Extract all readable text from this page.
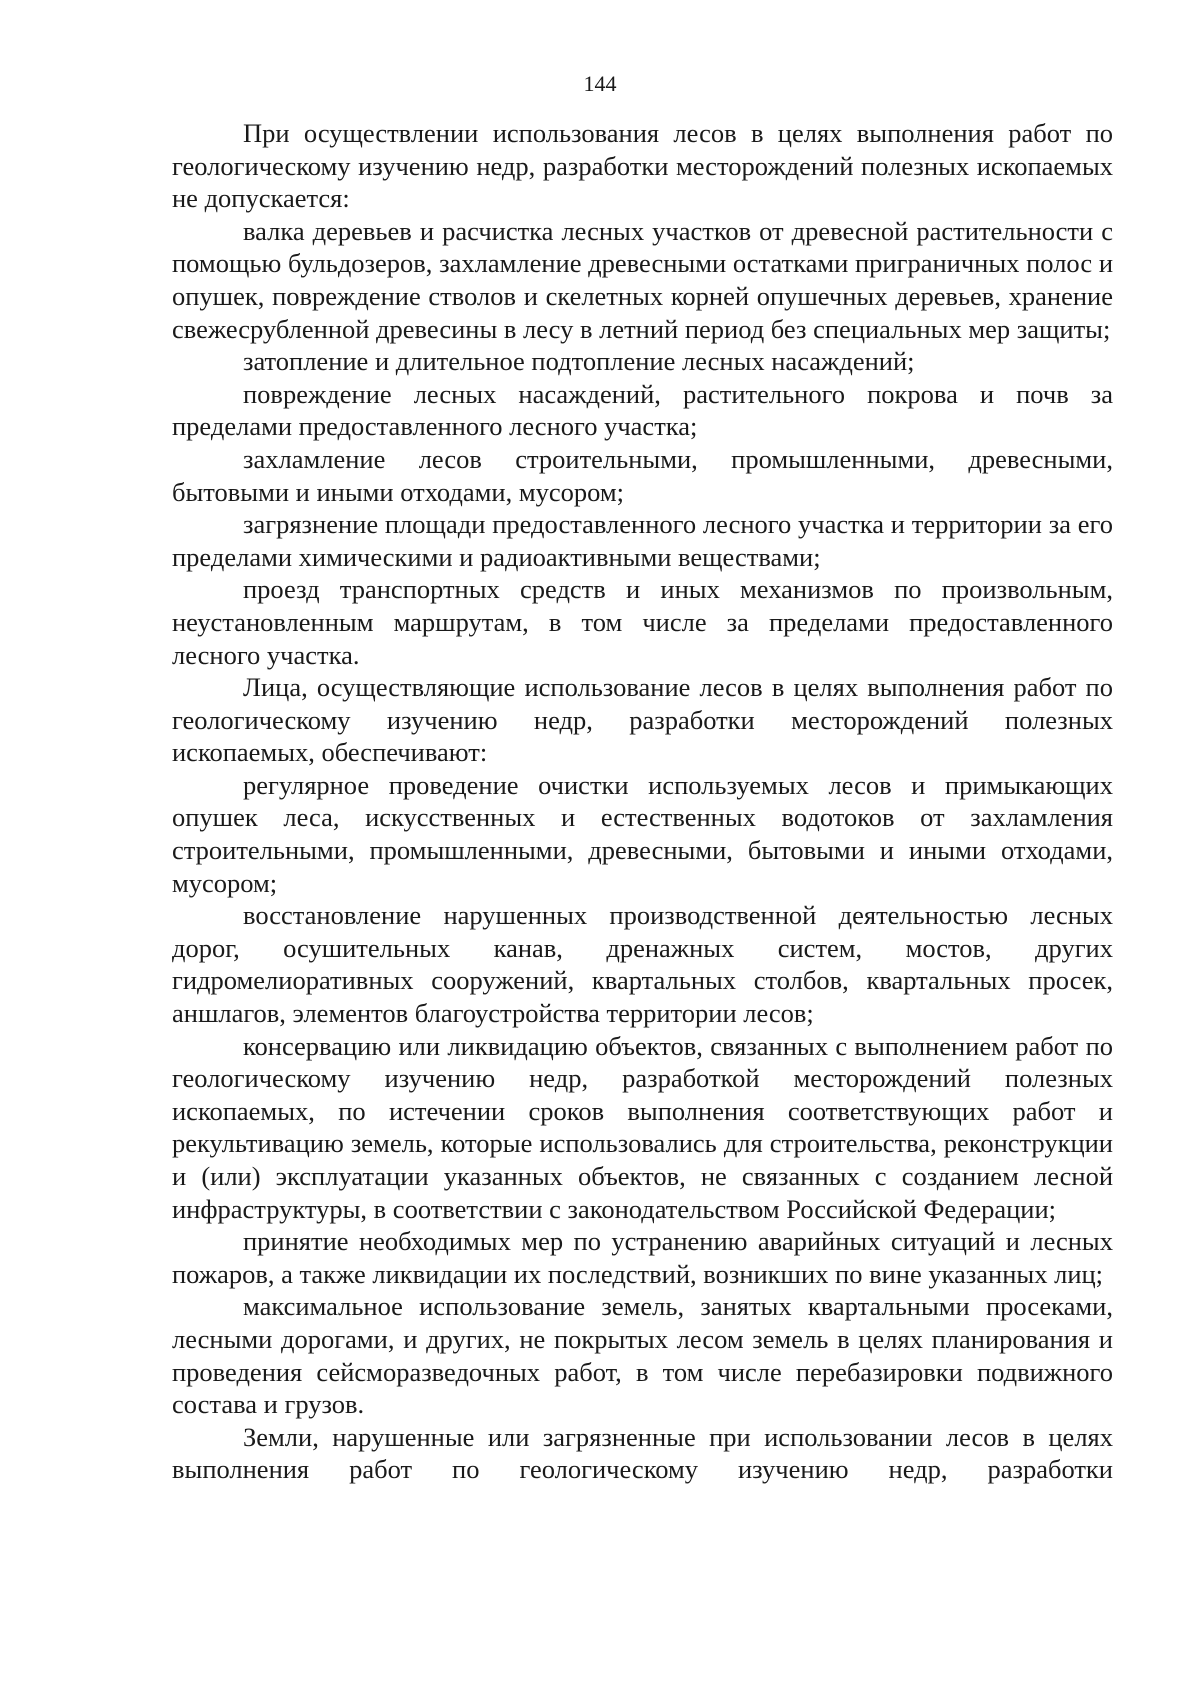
144

При осуществлении использования лесов в целях выполнения работ по геологическому изучению недр, разработки месторождений полезных ископаемых не допускается:

валка деревьев и расчистка лесных участков от древесной растительности с помощью бульдозеров, захламление древесными остатками приграничных полос и опушек, повреждение стволов и скелетных корней опушечных деревьев, хранение свежесрубленной древесины в лесу в летний период без специальных мер защиты;

затопление и длительное подтопление лесных насаждений;

повреждение лесных насаждений, растительного покрова и почв за пределами предоставленного лесного участка;

захламление лесов строительными, промышленными, древесными, бытовыми и иными отходами, мусором;

загрязнение площади предоставленного лесного участка и территории за его пределами химическими и радиоактивными веществами;

проезд транспортных средств и иных механизмов по произвольным, неустановленным маршрутам, в том числе за пределами предоставленного лесного участка.

Лица, осуществляющие использование лесов в целях выполнения работ по геологическому изучению недр, разработки месторождений полезных ископаемых, обеспечивают:

регулярное проведение очистки используемых лесов и примыкающих опушек леса, искусственных и естественных водотоков от захламления строительными, промышленными, древесными, бытовыми и иными отходами, мусором;

восстановление нарушенных производственной деятельностью лесных дорог, осушительных канав, дренажных систем, мостов, других гидромелиоративных сооружений, квартальных столбов, квартальных просек, аншлагов, элементов благоустройства территории лесов;

консервацию или ликвидацию объектов, связанных с выполнением работ по геологическому изучению недр, разработкой месторождений полезных ископаемых, по истечении сроков выполнения соответствующих работ и рекультивацию земель, которые использовались для строительства, реконструкции и (или) эксплуатации указанных объектов, не связанных с созданием лесной инфраструктуры, в соответствии с законодательством Российской Федерации;

принятие необходимых мер по устранению аварийных ситуаций и лесных пожаров, а также ликвидации их последствий, возникших по вине указанных лиц;

максимальное использование земель, занятых квартальными просеками, лесными дорогами, и других, не покрытых лесом земель в целях планирования и проведения сейсморазведочных работ, в том числе перебазировки подвижного состава и грузов.

Земли, нарушенные или загрязненные при использовании лесов в целях выполнения работ по геологическому изучению недр, разработки
